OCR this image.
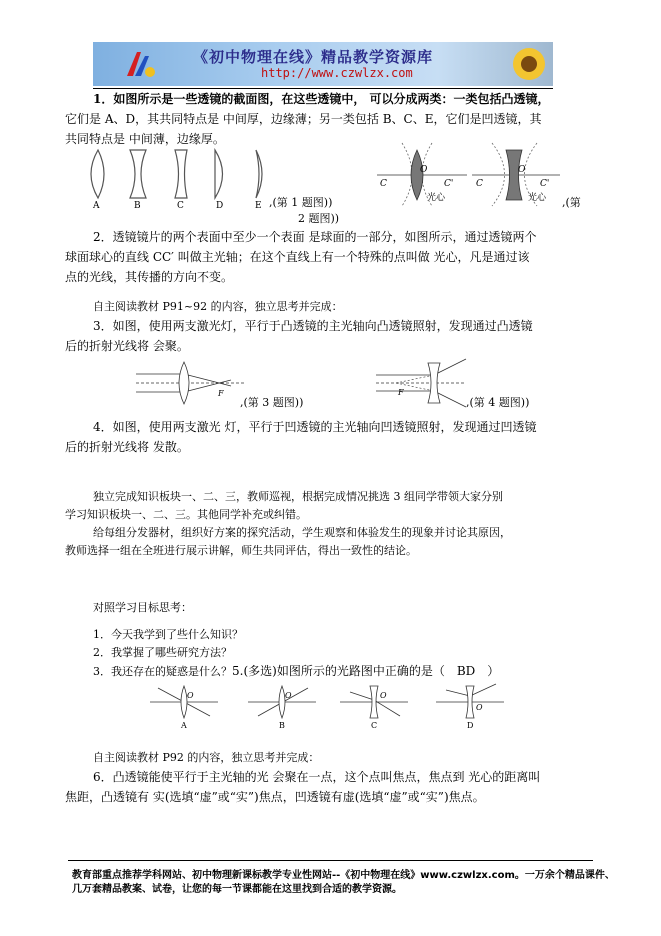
《初中物理在线》精品教学资源库
http://www.czwlzx.com
1．如图所示是一些透镜的截面图，在这些透镜中， 可以分成两类：一类包括凸透镜，
它们是 A、D，其共同特点是 中间厚，边缘薄；另一类包括 B、C、E，它们是凹透镜，其
共同特点是 中间薄，边缘厚。
A	B	C	D	E ,(第 1 题图))
C
O
C'
光心
C
O
C'
光心 ,(第
2 题图))
2．透镜镜片的两个表面中至少一个表面 是球面的一部分，如图所示，通过透镜两个
球面球心的直线 CC′ 叫做主光轴；在这个直线上有一个特殊的点叫做 光心，凡是通过该
点的光线，其传播的方向不变。
自主阅读教材 P91~92 的内容，独立思考并完成：
3．如图，使用两支激光灯，平行于凸透镜的主光轴向凸透镜照射，发现通过凸透镜
后的折射光线将 会聚。
F
,(第 3 题图))
F
,(第 4 题图))
4．如图，使用两支激光 灯，平行于凹透镜的主光轴向凹透镜照射，发现通过凹透镜
后的折射光线将 发散。
独立完成知识板块一、二、三，教师巡视，根据完成情况挑选 3 组同学带领大家分别
学习知识板块一、二、三。其他同学补充或纠错。
给每组分发器材，组织好方案的探究活动，学生观察和体验发生的现象并讨论其原因，
教师选择一组在全班进行展示讲解，师生共同评估，得出一致性的结论。
对照学习目标思考：
1．今天我学到了些什么知识？
2．我掌握了哪些研究方法？
3．我还存在的疑惑是什么？5.(多选)如图所示的光路图中正确的是（　BD　）
O
A
O
B
O
C
O
D
自主阅读教材 P92 的内容，独立思考并完成：
6．凸透镜能使平行于主光轴的光 会聚在一点，这个点叫焦点，焦点到 光心的距离叫
焦距，凸透镜有 实(选填“虚”或“实”)焦点，凹透镜有虚(选填“虚”或“实”)焦点。
教育部重点推荐学科网站、初中物理新课标教学专业性网站--《初中物理在线》www.czwlzx.com。一万余个精品课件、
几万套精品教案、试卷，让您的每一节课都能在这里找到合适的教学资源。
